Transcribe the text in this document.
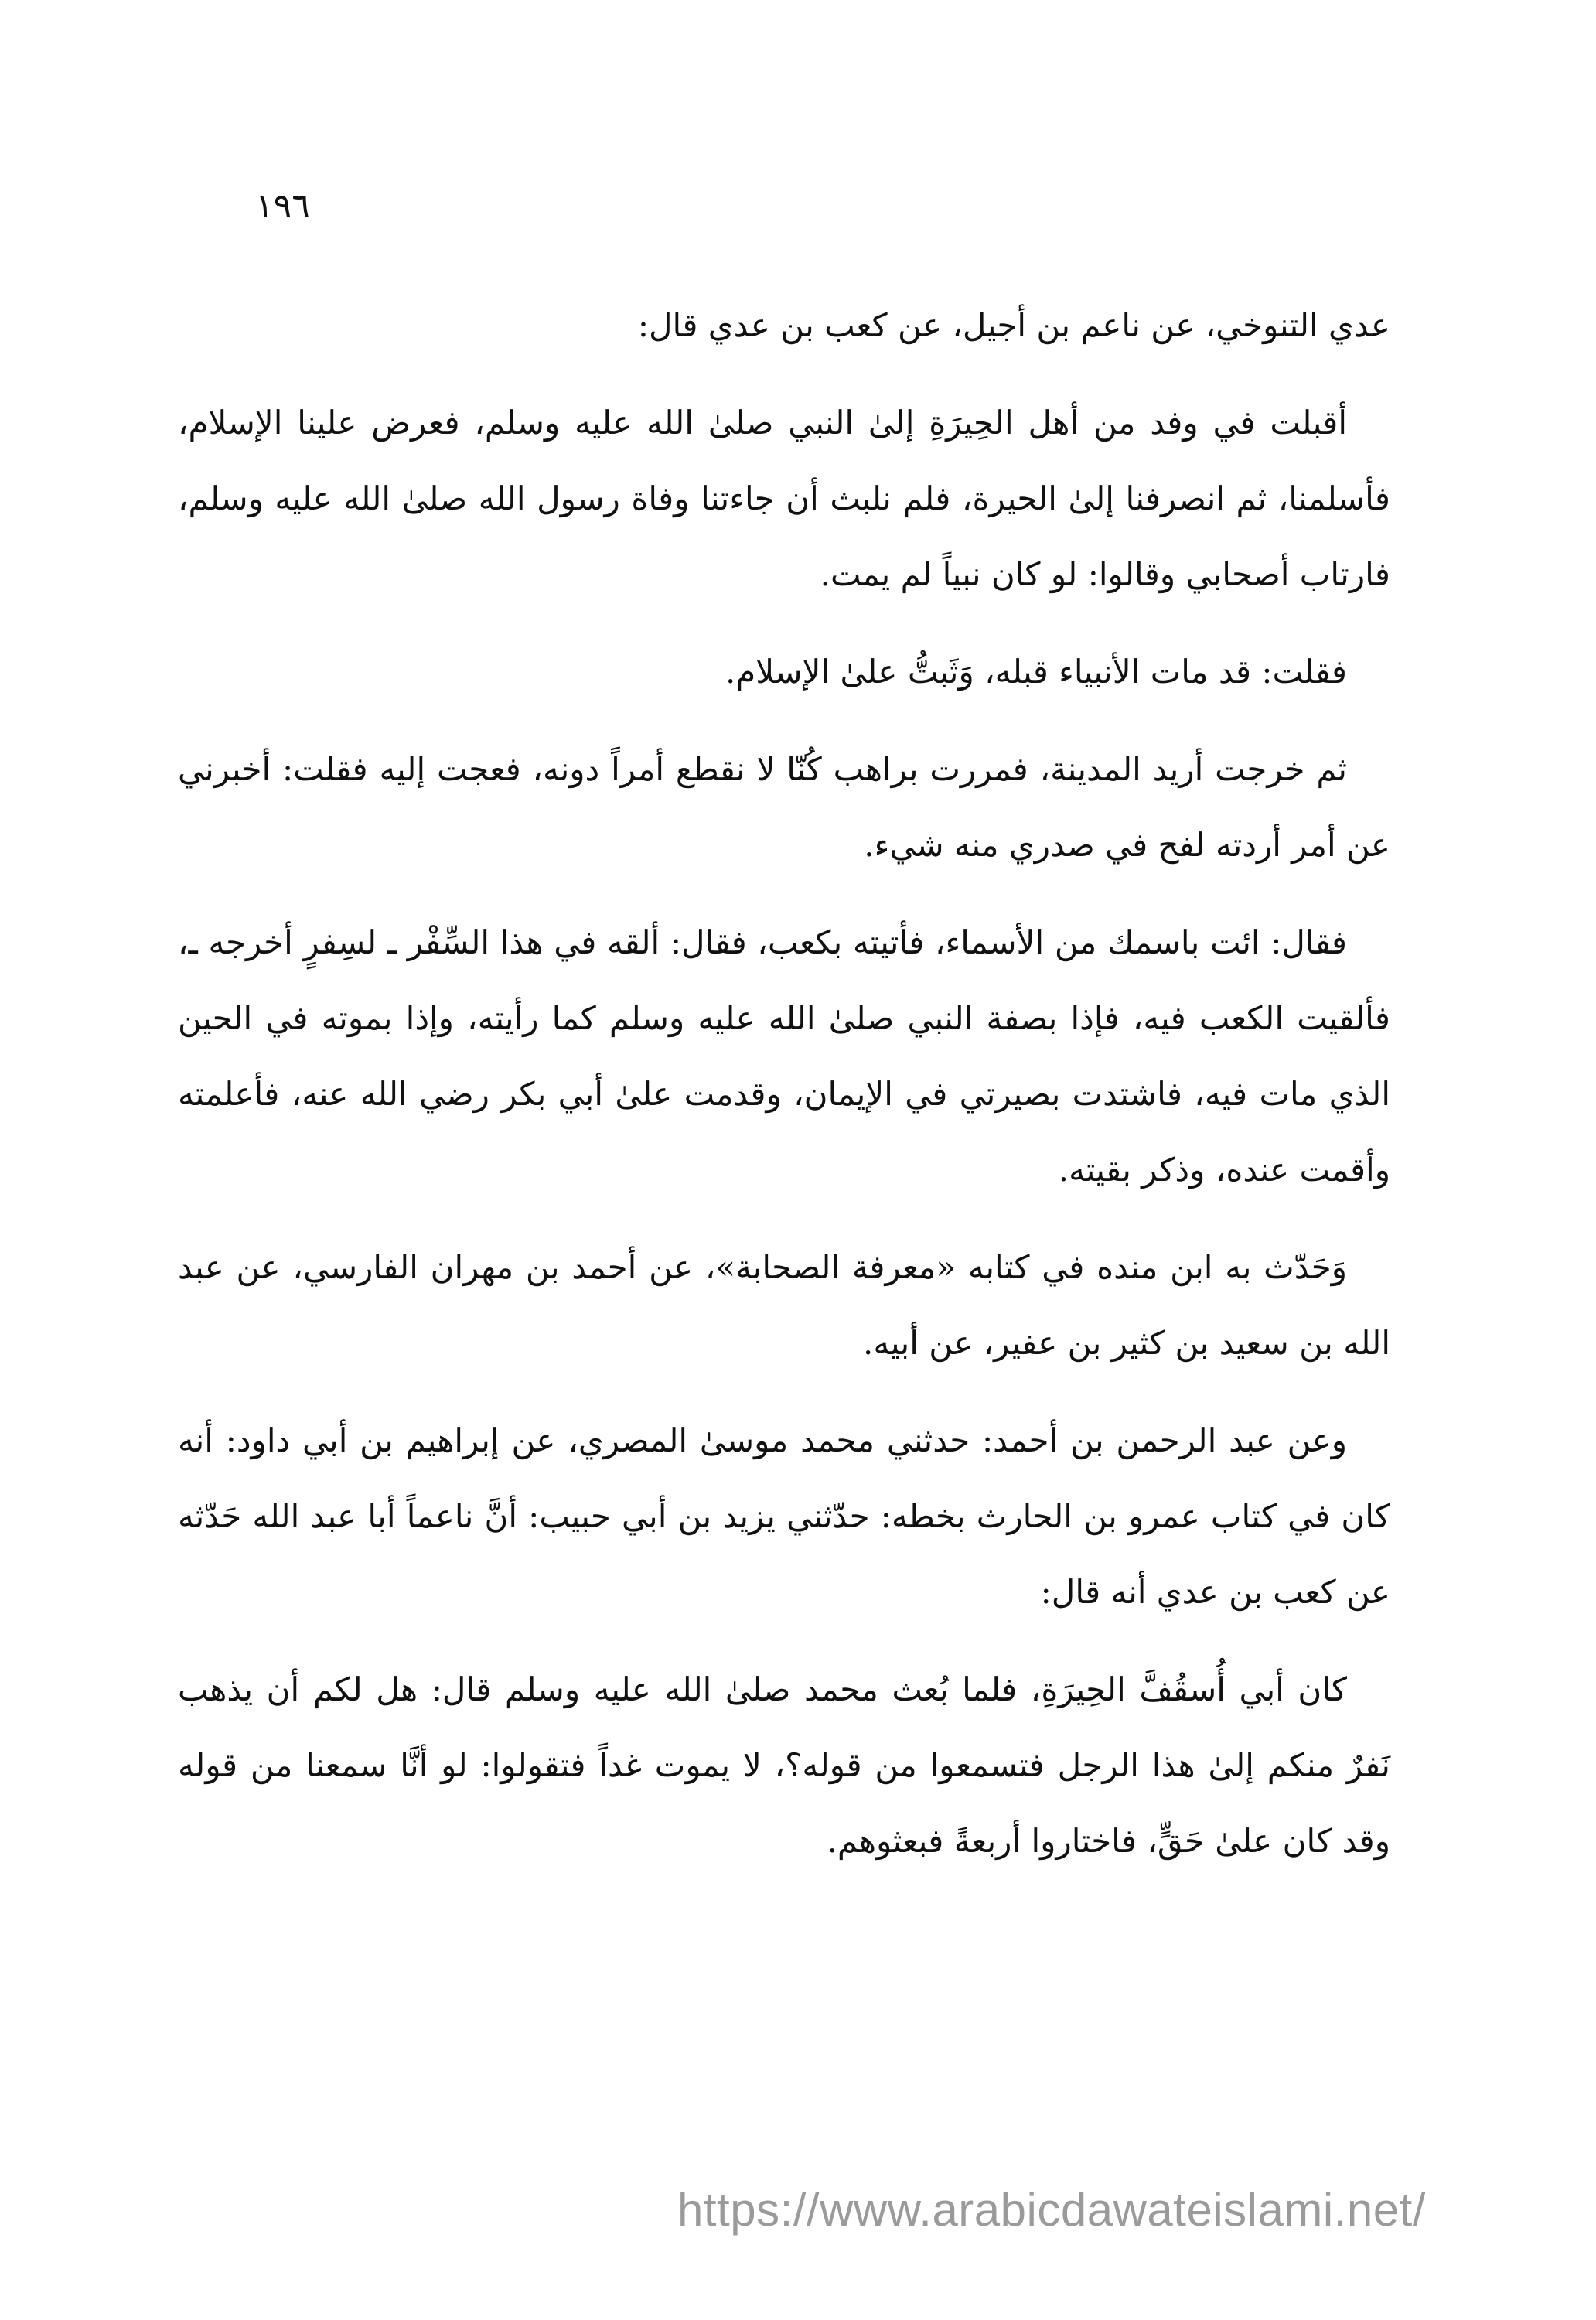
١٩٦

عدي التنوخي، عن ناعم بن أجيل، عن كعب بن عدي قال:

أقبلت في وفد من أهل الحِيرَةِ إلىٰ النبي صلىٰ الله عليه وسلم، فعرض علينا الإسلام، فأسلمنا، ثم انصرفنا إلىٰ الحيرة، فلم نلبث أن جاءتنا وفاة رسول الله صلىٰ الله عليه وسلم، فارتاب أصحابي وقالوا: لو كان نبياً لم يمت.

فقلت: قد مات الأنبياء قبله، وَثَبتُّ علىٰ الإسلام.

ثم خرجت أريد المدينة، فمررت براهب كُنّا لا نقطع أمراً دونه، فعجت إليه فقلت: أخبرني عن أمر أردته لفح في صدري منه شيء.

فقال: ائت باسمك من الأسماء، فأتيته بكعب، فقال: ألقه في هذا السِّفْر ـ لسِفرٍ أخرجه ـ، فألقيت الكعب فيه، فإذا بصفة النبي صلىٰ الله عليه وسلم كما رأيته، وإذا بموته في الحين الذي مات فيه، فاشتدت بصيرتي في الإيمان، وقدمت علىٰ أبي بكر رضي الله عنه، فأعلمته وأقمت عنده، وذكر بقيته.

وَحَدّث به ابن منده في كتابه «معرفة الصحابة»، عن أحمد بن مهران الفارسي، عن عبد الله بن سعيد بن كثير بن عفير، عن أبيه.

وعن عبد الرحمن بن أحمد: حدثني محمد موسىٰ المصري، عن إبراهيم بن أبي داود: أنه كان في كتاب عمرو بن الحارث بخطه: حدّثني يزيد بن أبي حبيب: أنَّ ناعماً أبا عبد الله حَدّثه عن كعب بن عدي أنه قال:

كان أبي أُسقُفَّ الحِيرَةِ، فلما بُعث محمد صلىٰ الله عليه وسلم قال: هل لكم أن يذهب نَفرٌ منكم إلىٰ هذا الرجل فتسمعوا من قوله؟، لا يموت غداً فتقولوا: لو أنَّا سمعنا من قوله وقد كان علىٰ حَقٍّ، فاختاروا أربعةً فبعثوهم.

https://www.arabicdawateislami.net/
